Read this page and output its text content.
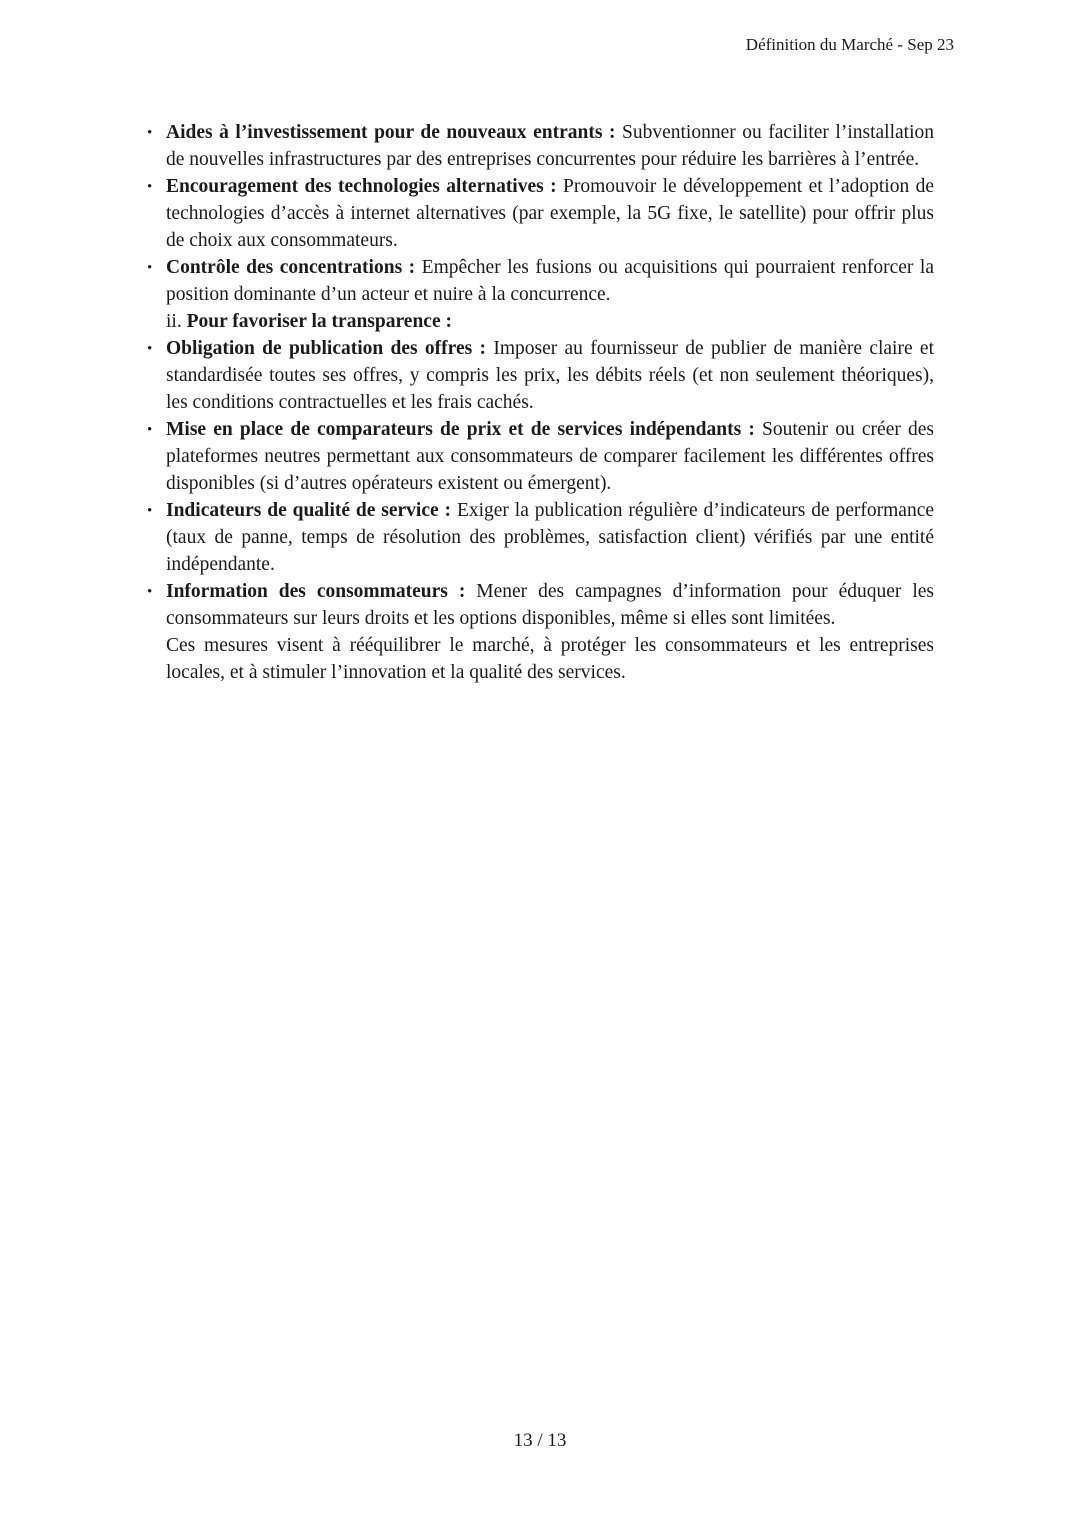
Définition du Marché - Sep 23
• Aides à l’investissement pour de nouveaux entrants : Subventionner ou faciliter l’installation de nouvelles infrastructures par des entreprises concurrentes pour réduire les barrières à l’entrée.
• Encouragement des technologies alternatives : Promouvoir le développement et l’adoption de technologies d’accès à internet alternatives (par exemple, la 5G fixe, le satellite) pour offrir plus de choix aux consommateurs.
• Contrôle des concentrations : Empêcher les fusions ou acquisitions qui pourraient renforcer la position dominante d’un acteur et nuire à la concurrence.
ii. Pour favoriser la transparence :
• Obligation de publication des offres : Imposer au fournisseur de publier de manière claire et standardisée toutes ses offres, y compris les prix, les débits réels (et non seulement théoriques), les conditions contractuelles et les frais cachés.
• Mise en place de comparateurs de prix et de services indépendants : Soutenir ou créer des plateformes neutres permettant aux consommateurs de comparer facilement les différentes offres disponibles (si d’autres opérateurs existent ou émergent).
• Indicateurs de qualité de service : Exiger la publication régulière d’indicateurs de performance (taux de panne, temps de résolution des problèmes, satisfaction client) vérifiés par une entité indépendante.
• Information des consommateurs : Mener des campagnes d’information pour éduquer les consommateurs sur leurs droits et les options disponibles, même si elles sont limitées.
Ces mesures visent à rééquilibrer le marché, à protéger les consommateurs et les entreprises locales, et à stimuler l’innovation et la qualité des services.
13 / 13
